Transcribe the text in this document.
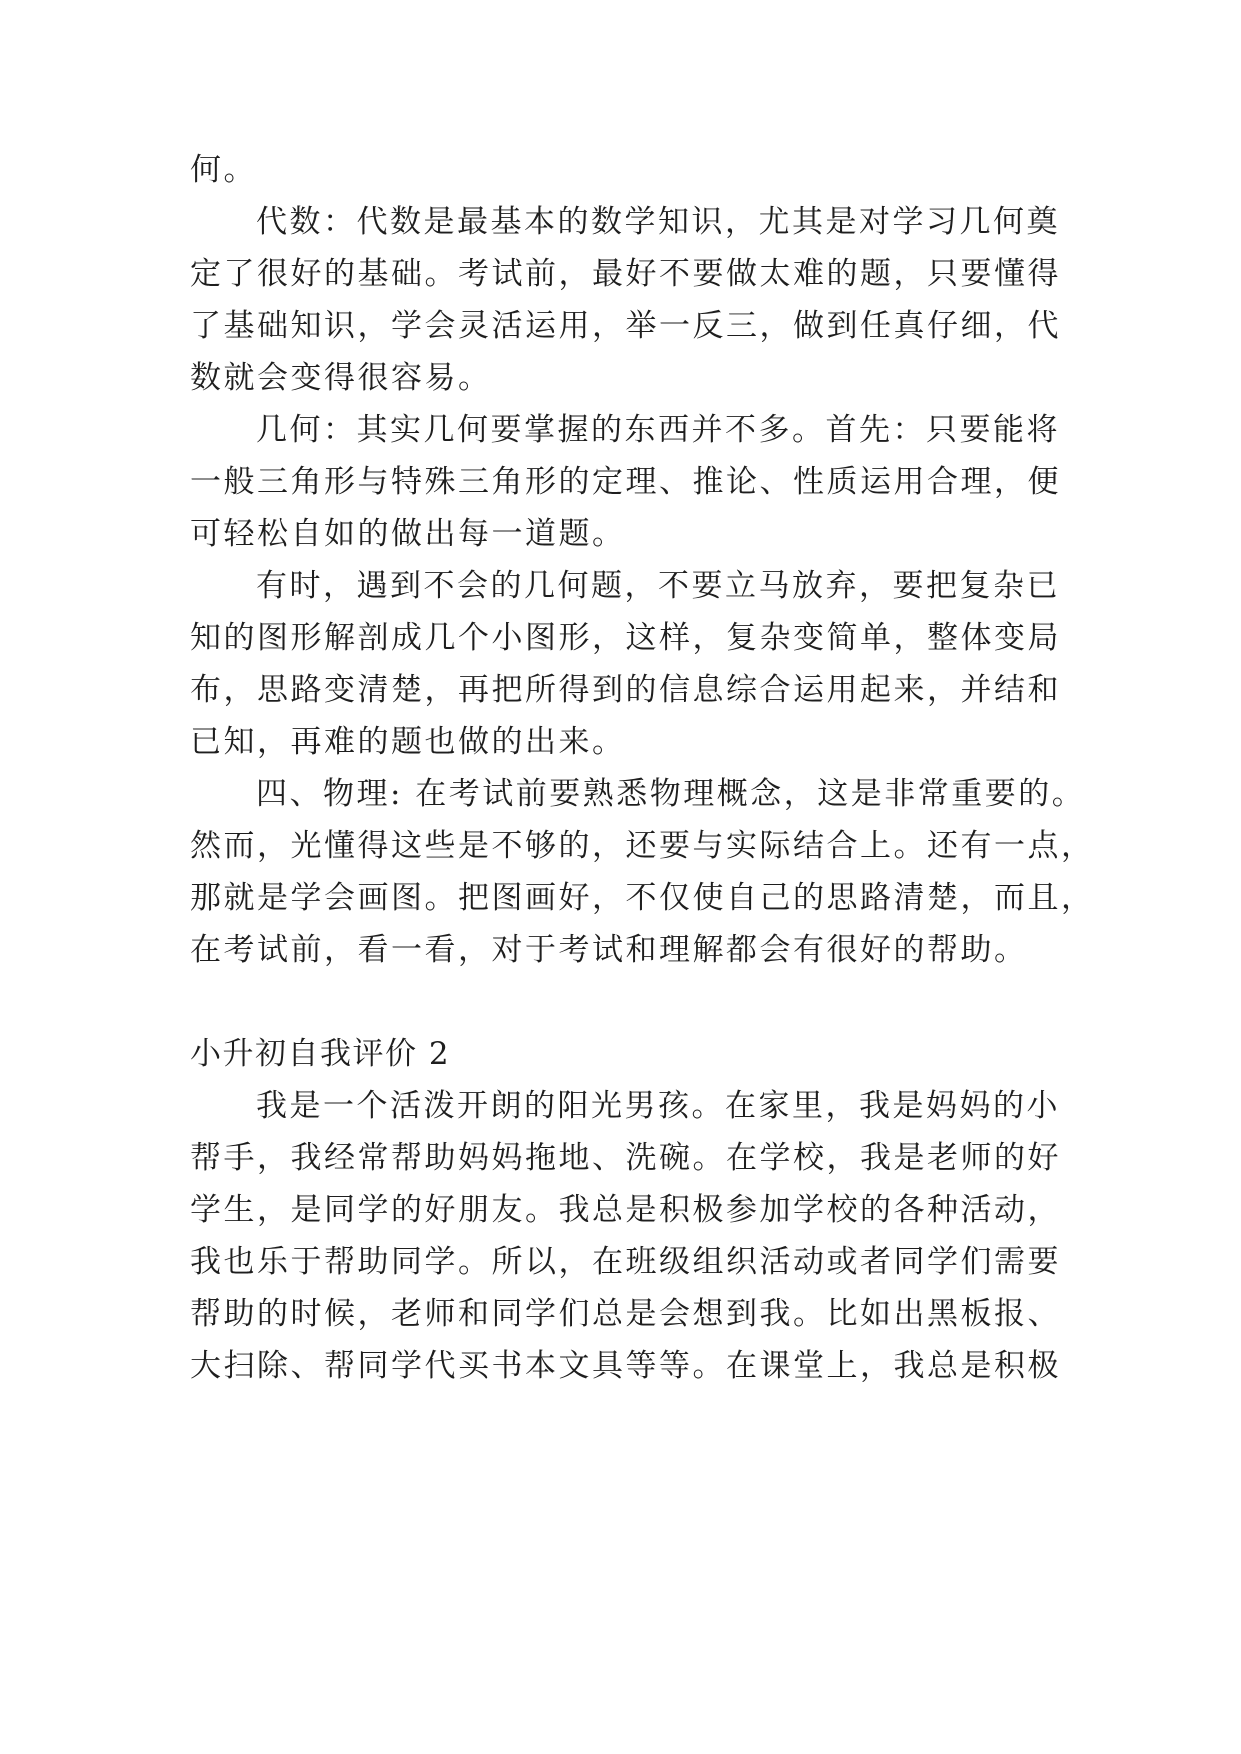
何。

代数：代数是最基本的数学知识，尤其是对学习几何奠

定了很好的基础。考试前，最好不要做太难的题，只要懂得

了基础知识，学会灵活运用，举一反三，做到任真仔细，代

数就会变得很容易。

几何：其实几何要掌握的东西并不多。首先：只要能将

一般三角形与特殊三角形的定理、推论、性质运用合理，便

可轻松自如的做出每一道题。

有时，遇到不会的几何题，不要立马放弃，要把复杂已

知的图形解剖成几个小图形，这样，复杂变简单，整体变局

布，思路变清楚，再把所得到的信息综合运用起来，并结和

已知，再难的题也做的出来。

四、物理: 在考试前要熟悉物理概念，这是非常重要的。

然而，光懂得这些是不够的，还要与实际结合上。还有一点，

那就是学会画图。把图画好，不仅使自己的思路清楚，而且，

在考试前，看一看，对于考试和理解都会有很好的帮助。

小升初自我评价 2

我是一个活泼开朗的阳光男孩。在家里，我是妈妈的小

帮手，我经常帮助妈妈拖地、洗碗。在学校，我是老师的好

学生，是同学的好朋友。我总是积极参加学校的各种活动，

我也乐于帮助同学。所以，在班级组织活动或者同学们需要

帮助的时候，老师和同学们总是会想到我。比如出黑板报、

大扫除、帮同学代买书本文具等等。在课堂上，我总是积极
